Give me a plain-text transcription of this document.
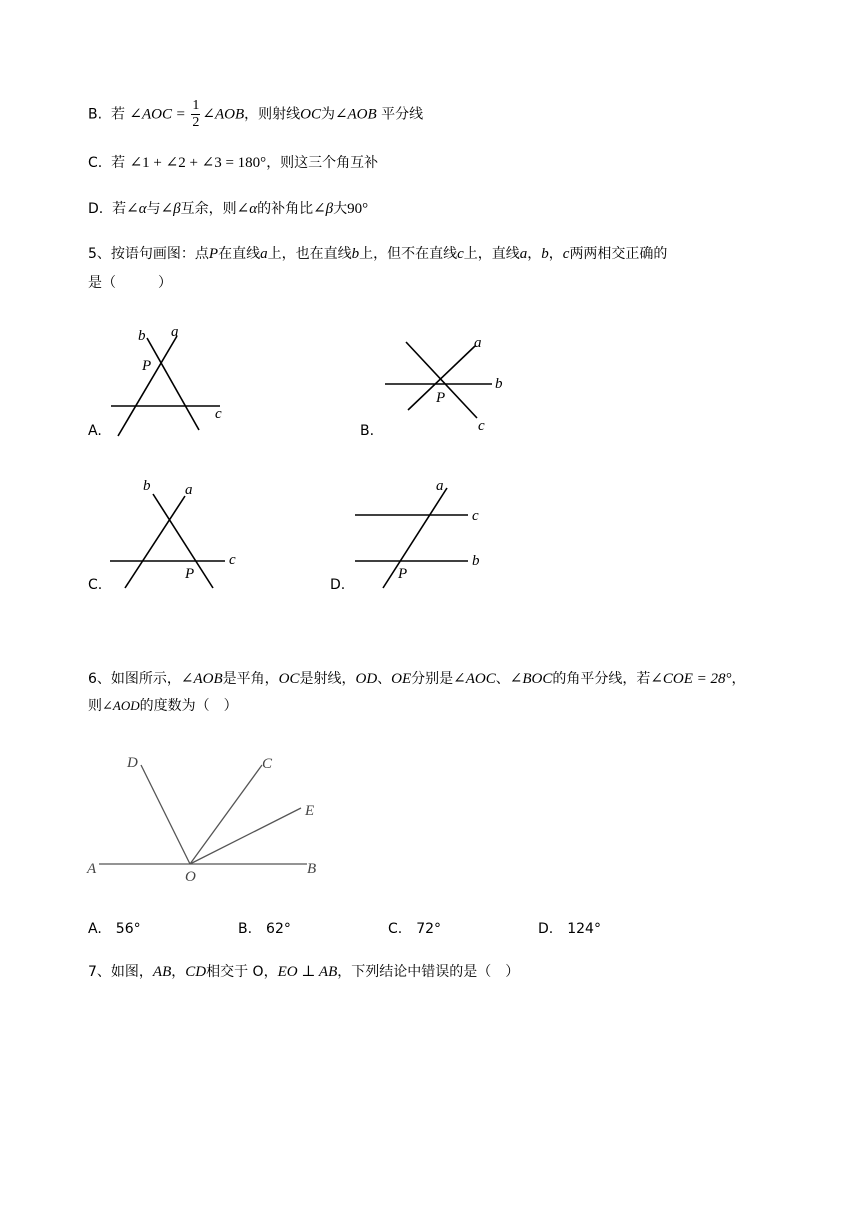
B. 若 ∠AOC = $\frac{1}{2}$ ∠AOB，则射线OC为∠AOB 平分线
C. 若 ∠1 + ∠2 + ∠3 = 180°，则这三个角互补
D. 若∠α与∠β互余，则∠α的补角比∠β大90°
5、按语句画图：点P在直线a上，也在直线b上，但不在直线c上，直线a，b，c两两相交正确的
是（　　　）
A.
b a
P
c
B.
a
b
P
c
C.
b a
P
c
D.
a
c
b
P
6、如图所示，∠AOB是平角，OC是射线，OD、OE分别是∠AOC、∠BOC的角平分线，若∠COE = 28°，
则∠AOD的度数为（　）
D	C
E
A	O	B
A.　56°	B.　62°	C.　72°	D.　124°
7、如图，AB，CD相交于 O，EO ⊥ AB，下列结论中错误的是（　）
